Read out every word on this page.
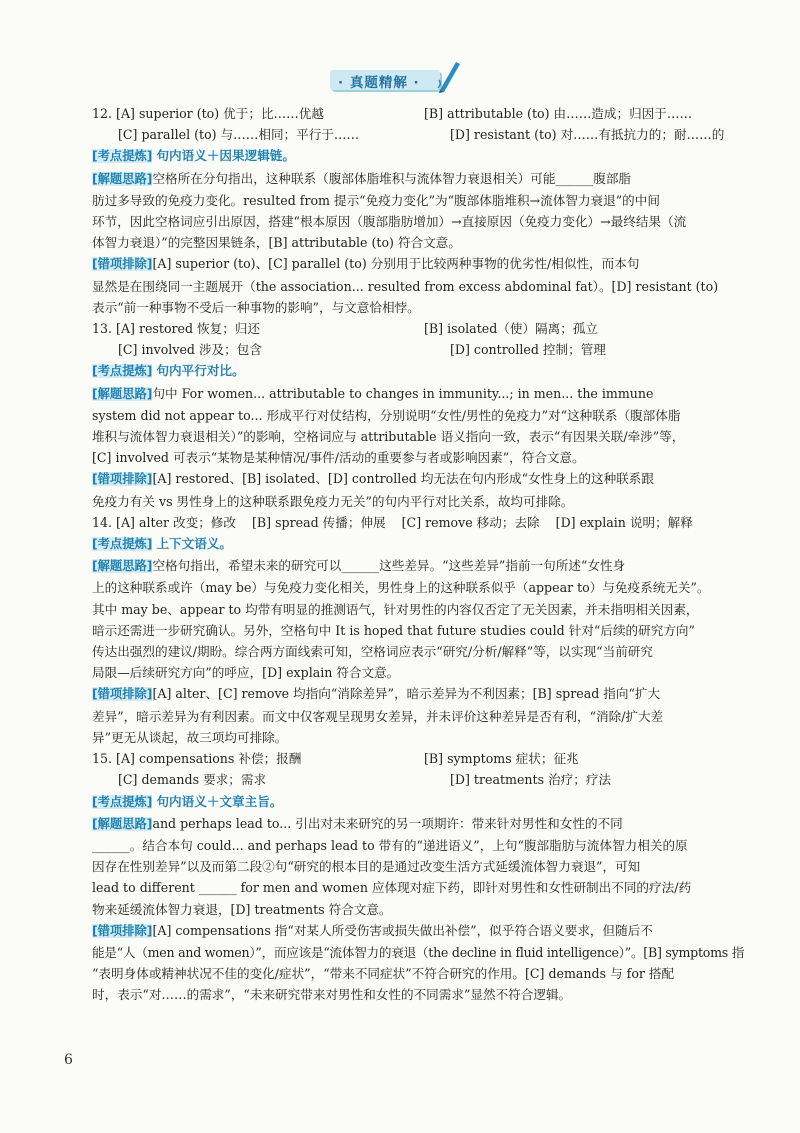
· 真题精解 ·
12. [A] superior (to) 优于；比……优越	[B] attributable (to) 由……造成；归因于……
[C] parallel (to) 与……相同；平行于……	[D] resistant (to) 对……有抵抗力的；耐……的
[考点提炼] 句内语义＋因果逻辑链。
[解题思路]空格所在分句指出，这种联系（腹部体脂堆积与流体智力衰退相关）可能______腹部脂
肪过多导致的免疫力变化。resulted from 提示“免疫力变化”为“腹部体脂堆积→流体智力衰退”的中间
环节，因此空格词应引出原因，搭建“根本原因（腹部脂肪增加）→直接原因（免疫力变化）→最终结果（流
体智力衰退）”的完整因果链条，[B] attributable (to) 符合文意。
[错项排除][A] superior (to)、[C] parallel (to) 分别用于比较两种事物的优劣性/相似性，而本句
显然是在围绕同一主题展开（the association... resulted from excess abdominal fat）。[D] resistant (to)
表示“前一种事物不受后一种事物的影响”，与文意恰相悖。
13. [A] restored 恢复；归还	[B] isolated（使）隔离；孤立
[C] involved 涉及；包含	[D] controlled 控制；管理
[考点提炼] 句内平行对比。
[解题思路]句中 For women... attributable to changes in immunity...; in men... the immune
system did not appear to... 形成平行对仗结构，分别说明“女性/男性的免疫力”对“这种联系（腹部体脂
堆积与流体智力衰退相关）”的影响，空格词应与 attributable 语义指向一致，表示“有因果关联/牵涉”等，
[C] involved 可表示“某物是某种情况/事件/活动的重要参与者或影响因素”，符合文意。
[错项排除][A] restored、[B] isolated、[D] controlled 均无法在句内形成“女性身上的这种联系跟
免疫力有关 vs 男性身上的这种联系跟免疫力无关”的句内平行对比关系，故均可排除。
14. [A] alter 改变；修改    [B] spread 传播；伸展    [C] remove 移动；去除    [D] explain 说明；解释
[考点提炼] 上下文语义。
[解题思路]空格句指出，希望未来的研究可以______这些差异。“这些差异”指前一句所述“女性身
上的这种联系或许（may be）与免疫力变化相关，男性身上的这种联系似乎（appear to）与免疫系统无关”。
其中 may be、appear to 均带有明显的推测语气，针对男性的内容仅否定了无关因素，并未指明相关因素，
暗示还需进一步研究确认。另外，空格句中 It is hoped that future studies could 针对“后续的研究方向”
传达出强烈的建议/期盼。综合两方面线索可知，空格词应表示“研究/分析/解释”等，以实现“当前研究
局限—后续研究方向”的呼应，[D] explain 符合文意。
[错项排除][A] alter、[C] remove 均指向“消除差异”，暗示差异为不利因素；[B] spread 指向“扩大
差异”，暗示差异为有利因素。而文中仅客观呈现男女差异，并未评价这种差异是否有利，“消除/扩大差
异”更无从谈起，故三项均可排除。
15. [A] compensations 补偿；报酬	[B] symptoms 症状；征兆
[C] demands 要求；需求	[D] treatments 治疗；疗法
[考点提炼] 句内语义＋文章主旨。
[解题思路]and perhaps lead to... 引出对未来研究的另一项期许：带来针对男性和女性的不同
______。结合本句 could... and perhaps lead to 带有的“递进语义”，上句“腹部脂肪与流体智力相关的原
因存在性别差异”以及而第二段②句“研究的根本目的是通过改变生活方式延缓流体智力衰退”，可知
lead to different ______ for men and women 应体现对症下药，即针对男性和女性研制出不同的疗法/药
物来延缓流体智力衰退，[D] treatments 符合文意。
[错项排除][A] compensations 指“对某人所受伤害或损失做出补偿”，似乎符合语义要求，但随后不
能是“人（men and women）”，而应该是“流体智力的衰退（the decline in fluid intelligence）”。[B] symptoms 指
“表明身体或精神状况不佳的变化/症状”，“带来不同症状”不符合研究的作用。[C] demands 与 for 搭配
时，表示“对……的需求”，“未来研究带来对男性和女性的不同需求”显然不符合逻辑。
6
